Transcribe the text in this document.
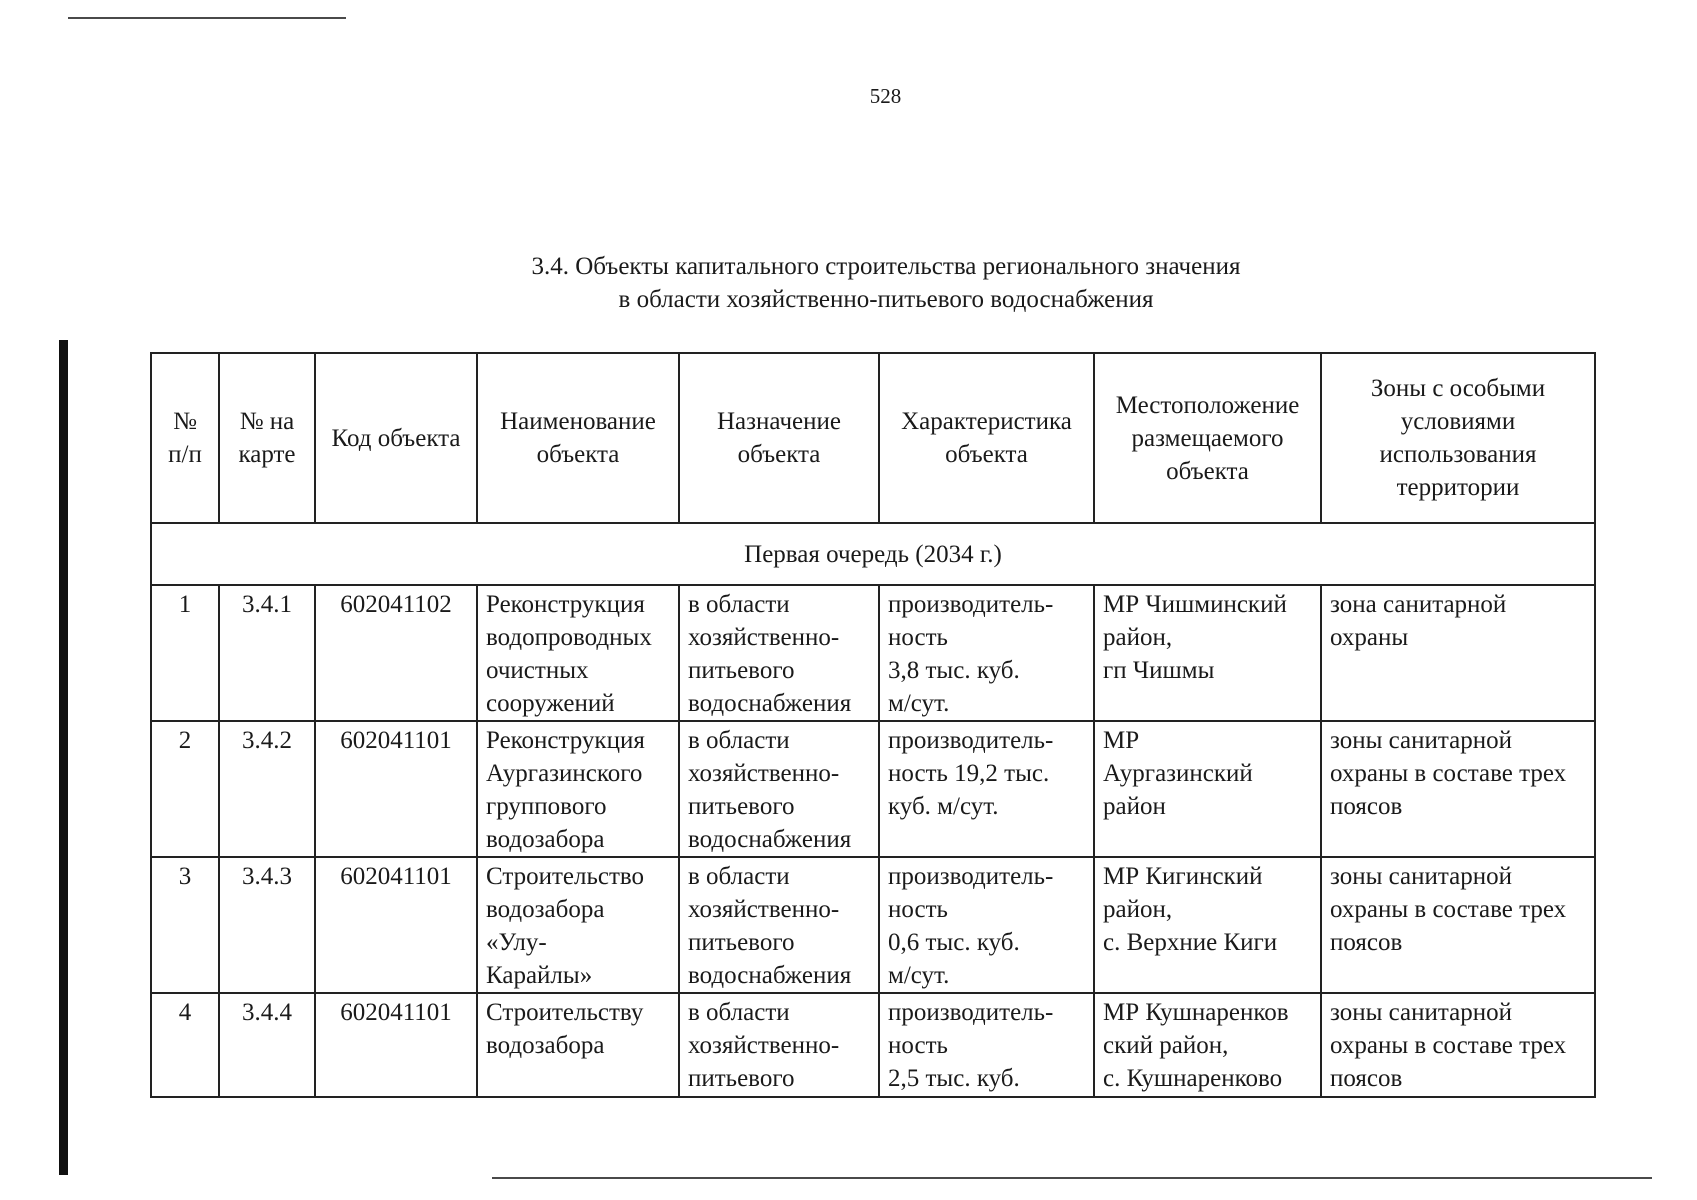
528
3.4. Объекты капитального строительства регионального значения
в области хозяйственно-питьевого водоснабжения
№
п/п	№ на
карте	Код объекта	Наименование
объекта	Назначение
объекта	Характеристика
объекта	Местоположение
размещаемого
объекта	Зоны с особыми
условиями
использования
территории

Первая очередь (2034 г.)							
1	3.4.1	602041102	Реконструкция
водопроводных
очистных
сооружений	в области
хозяйственно-
питьевого
водоснабжения	производитель-
ность
3,8 тыс. куб.
м/сут.	МР Чишминский
район,
гп Чишмы	зона санитарной
охраны

2	3.4.2	602041101	Реконструкция
Аургазинского
группового
водозабора	в области
хозяйственно-
питьевого
водоснабжения	производитель-
ность 19,2 тыс.
куб. м/сут.	МР
Аургазинский
район	зоны санитарной
охраны в составе трех
поясов

3	3.4.3	602041101	Строительство
водозабора
«Улу-
Карайлы»	в области
хозяйственно-
питьевого
водоснабжения	производитель-
ность
0,6 тыс. куб.
м/сут.	МР Кигинский
район,
с. Верхние Киги	зоны санитарной
охраны в составе трех
поясов

4	3.4.4	602041101	Строительству
водозабора	в области
хозяйственно-
питьевого	производитель-
ность
2,5 тыс. куб.	МР Кушнаренков
ский район,
с. Кушнаренково	зоны санитарной
охраны в составе трех
поясов
